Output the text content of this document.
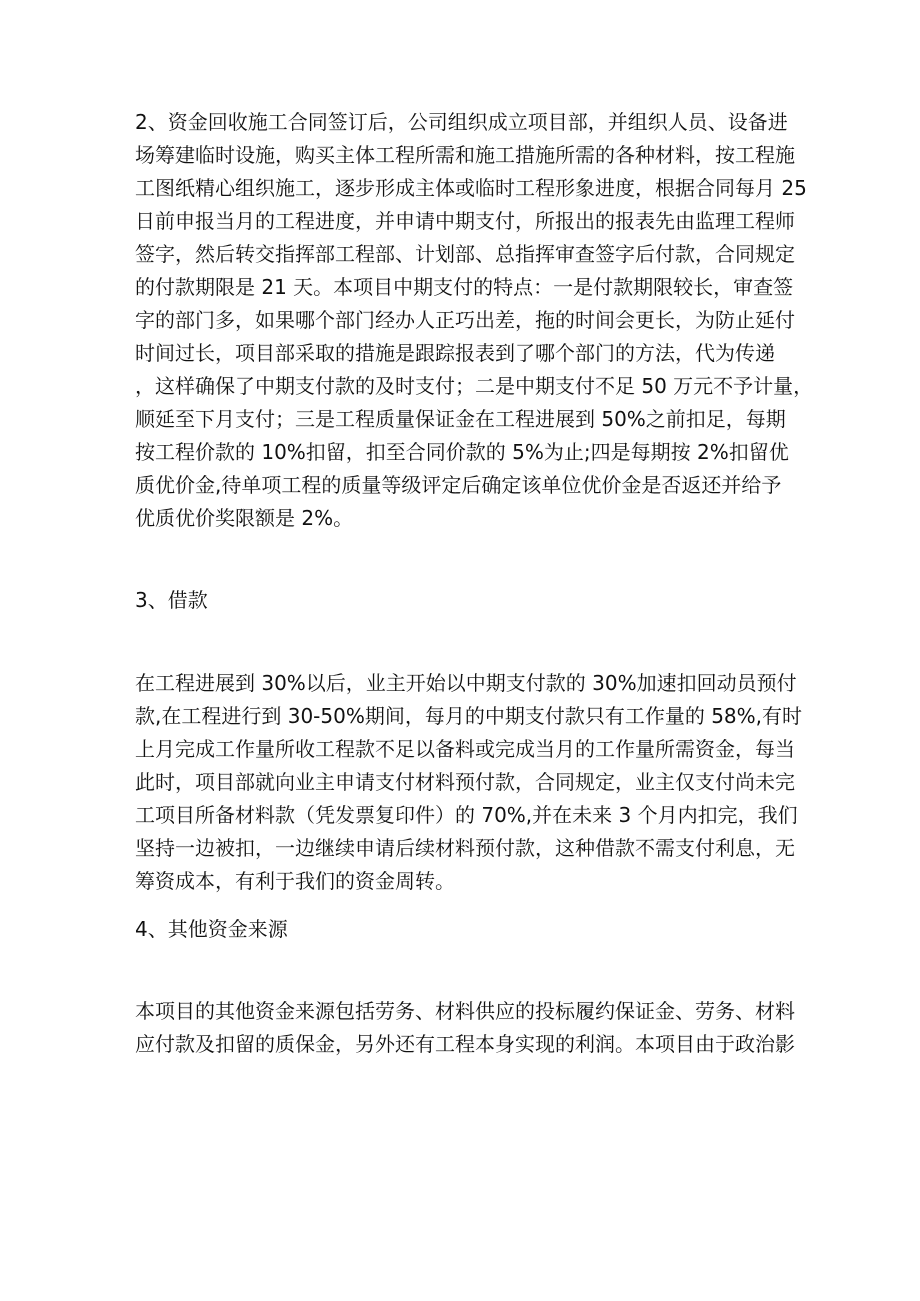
2、资金回收施工合同签订后，公司组织成立项目部，并组织人员、设备进
场筹建临时设施，购买主体工程所需和施工措施所需的各种材料，按工程施
工图纸精心组织施工，逐步形成主体或临时工程形象进度，根据合同每月 25
日前申报当月的工程进度，并申请中期支付，所报出的报表先由监理工程师
签字，然后转交指挥部工程部、计划部、总指挥审查签字后付款，合同规定
的付款期限是 21 天。本项目中期支付的特点：一是付款期限较长，审查签
字的部门多，如果哪个部门经办人正巧出差，拖的时间会更长，为防止延付
时间过长，项目部采取的措施是跟踪报表到了哪个部门的方法，代为传递
，这样确保了中期支付款的及时支付；二是中期支付不足 50 万元不予计量，
顺延至下月支付；三是工程质量保证金在工程进展到 50%之前扣足，每期
按工程价款的 10%扣留，扣至合同价款的 5%为止;四是每期按 2%扣留优
质优价金,待单项工程的质量等级评定后确定该单位优价金是否返还并给予
优质优价奖限额是 2%。
3、借款
在工程进展到 30%以后，业主开始以中期支付款的 30%加速扣回动员预付
款,在工程进行到 30-50%期间，每月的中期支付款只有工作量的 58%,有时
上月完成工作量所收工程款不足以备料或完成当月的工作量所需资金，每当
此时，项目部就向业主申请支付材料预付款，合同规定，业主仅支付尚未完
工项目所备材料款（凭发票复印件）的 70%,并在未来 3 个月内扣完，我们
坚持一边被扣，一边继续申请后续材料预付款，这种借款不需支付利息，无
筹资成本，有利于我们的资金周转。
4、其他资金来源
本项目的其他资金来源包括劳务、材料供应的投标履约保证金、劳务、材料
应付款及扣留的质保金，另外还有工程本身实现的利润。本项目由于政治影
